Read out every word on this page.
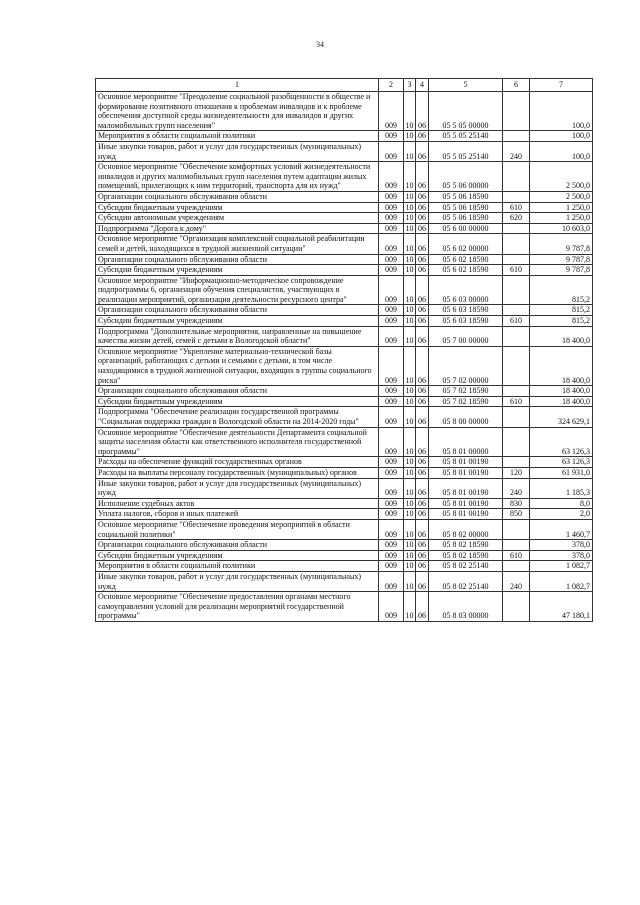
34
1	2	3	4	5	6	7
Основное мероприятие "Преодоление социальной разобщенности в обществе и формирование позитивного отношения к проблемам инвалидов и к проблеме обеспечения доступной среды жизнедеятельности для инвалидов и других маломобильных групп населения"	009	10	06	05 5 05 00000		100,0
Мероприятия в области социальной политики	009	10	06	05 5 05 25140		100,0
Иные закупки товаров, работ и услуг для государственных (муниципальных) нужд	009	10	06	05 5 05 25140	240	100,0
Основное мероприятие "Обеспечение комфортных условий жизнедеятельности инвалидов и других маломобильных групп населения путем адаптации жилых помещений, прилегающих к ним территорий, транспорта для их нужд"	009	10	06	05 5 06 00000		2 500,0
Организации социального обслуживания области	009	10	06	05 5 06 18590		2 500,0
Субсидии бюджетным учреждениям	009	10	06	05 5 06 18590	610	1 250,0
Субсидии автономным учреждениям	009	10	06	05 5 06 18590	620	1 250,0
Подпрограмма "Дорога к дому"	009	10	06	05 6 00 00000		10 603,0
Основное мероприятие "Организация комплексной социальной реабилитации семей и детей, находящихся в трудной жизненной ситуации"	009	10	06	05 6 02 00000		9 787,8
Организации социального обслуживания области	009	10	06	05 6 02 18590		9 787,8
Субсидии бюджетным учреждениям	009	10	06	05 6 02 18590	610	9 787,8
Основное мероприятие "Информационно-методическое сопровождение подпрограммы 6, организация обучения специалистов, участвующих в реализации мероприятий, организация деятельности ресурсного центра"	009	10	06	05 6 03 00000		815,2
Организации социального обслуживания области	009	10	06	05 6 03 18590		815,2
Субсидии бюджетным учреждениям	009	10	06	05 6 03 18590	610	815,2
Подпрограмма "Дополнительные мероприятия, направленные на повышение качества жизни детей, семей с детьми в Вологодской области"	009	10	06	05 7 00 00000		18 400,0
Основное мероприятие "Укрепление материально-технической базы организаций, работающих с детьми и семьями с детьми, в том числе находящимися в трудной жизненной ситуации, входящих в группы социального риска"	009	10	06	05 7 02 00000		18 400,0
Организации социального обслуживания области	009	10	06	05 7 02 18590		18 400,0
Субсидии бюджетным учреждениям	009	10	06	05 7 02 18590	610	18 400,0
Подпрограмма "Обеспечение реализации государственной программы "Социальная поддержка граждан в Вологодской области на 2014-2020 годы"	009	10	06	05 8 00 00000		324 629,1
Основное мероприятие "Обеспечение деятельности Департамента социальной защиты населения области как ответственного исполнителя государственной программы"	009	10	06	05 8 01 00000		63 126,3
Расходы на обеспечение функций государственных органов	009	10	06	05 8 01 00190		63 126,3
Расходы на выплаты персоналу государственных (муниципальных) органов	009	10	06	05 8 01 00190	120	61 931,0
Иные закупки товаров, работ и услуг для государственных (муниципальных) нужд	009	10	06	05 8 01 00190	240	1 185,3
Исполнение судебных актов	009	10	06	05 8 01 00190	830	8,0
Уплата налогов, сборов и иных платежей	009	10	06	05 8 01 00190	850	2,0
Основное мероприятие "Обеспечение проведения мероприятий в области социальной политики"	009	10	06	05 8 02 00000		1 460,7
Организации социального обслуживания области	009	10	06	05 8 02 18590		378,0
Субсидии бюджетным учреждениям	009	10	06	05 8 02 18590	610	378,0
Мероприятия в области социальной политики	009	10	06	05 8 02 25140		1 082,7
Иные закупки товаров, работ и услуг для государственных (муниципальных) нужд	009	10	06	05 8 02 25140	240	1 082,7
Основное мероприятие "Обеспечение предоставления органами местного самоуправления условий для реализации мероприятий государственной программы"	009	10	06	05 8 03 00000		47 180,1
